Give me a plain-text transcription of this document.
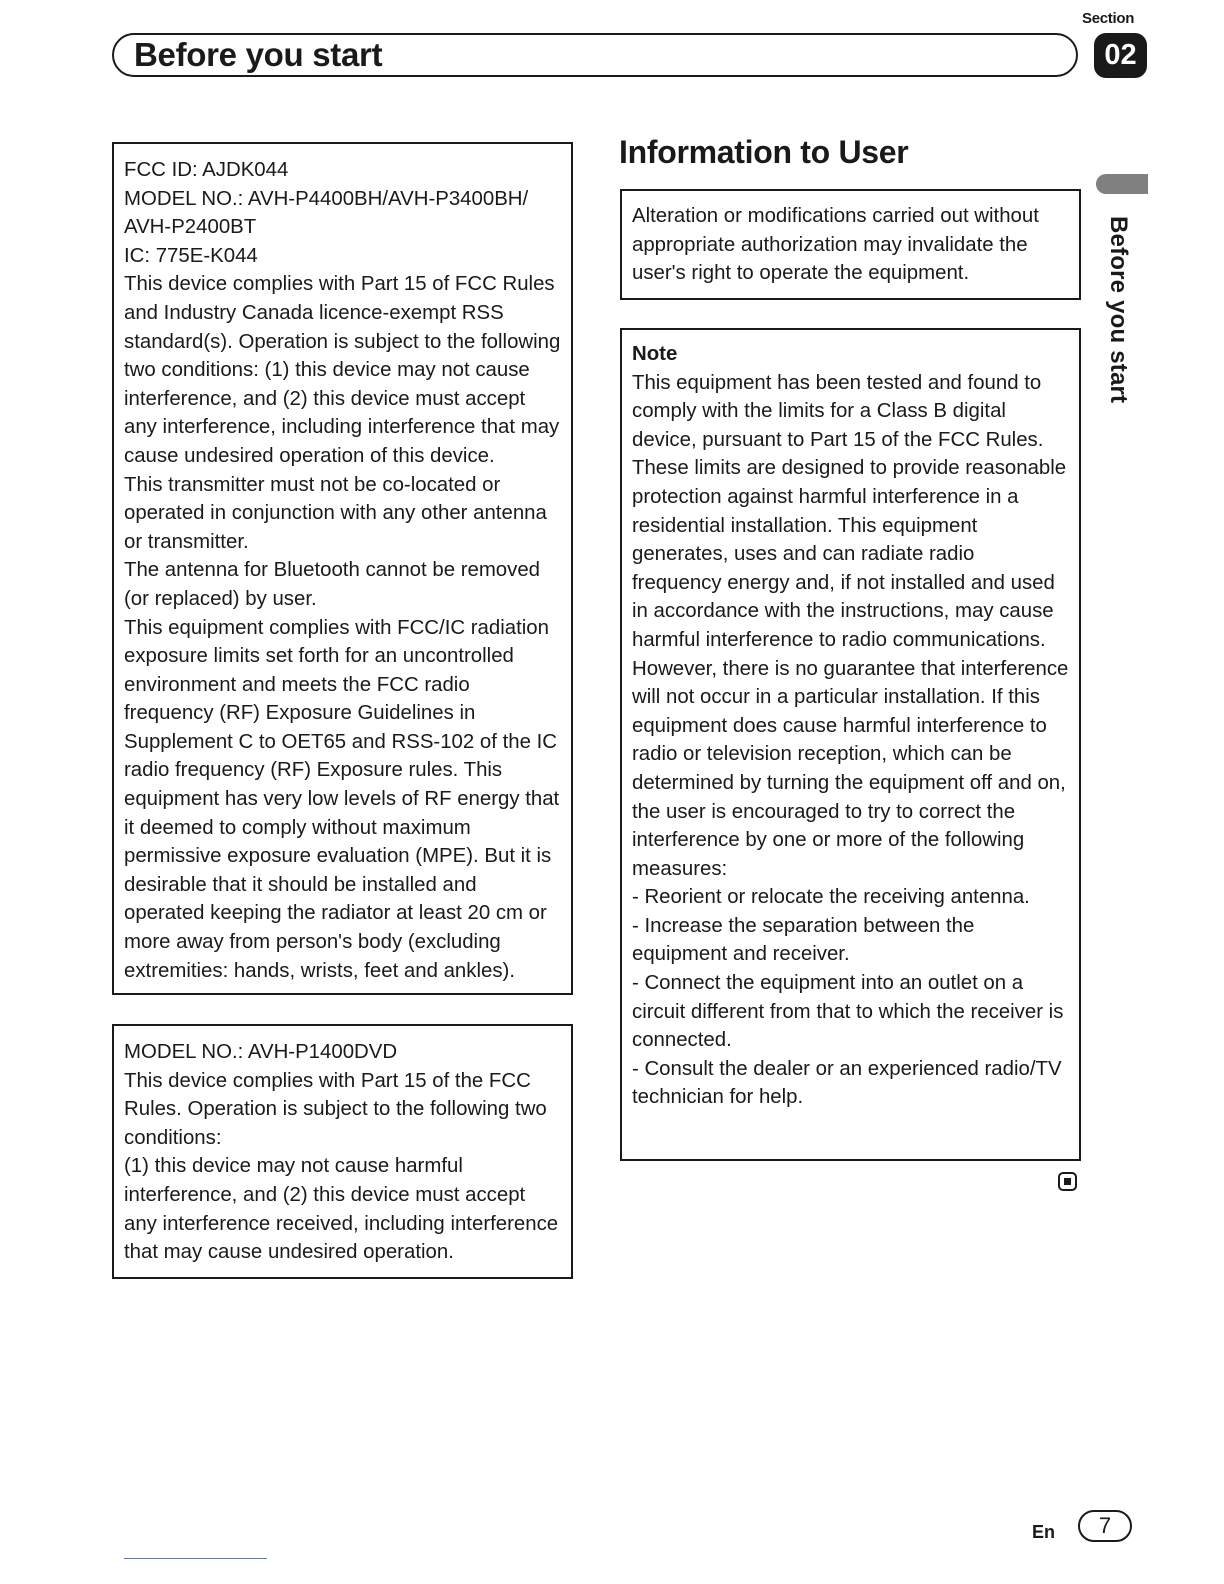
Section
Before you start	02
Before you start

FCC ID: AJDK044

MODEL NO.: AVH-P4400BH/AVH-P3400BH/ AVH-P2400BT

IC: 775E-K044

This device complies with Part 15 of FCC Rules and Industry Canada licence-exempt RSS standard(s). Operation is subject to the following two conditions: (1) this device may not cause interference, and (2) this device must accept any interference, including interference that may cause undesired operation of this device.

This transmitter must not be co-located or operated in conjunction with any other antenna or transmitter.

The antenna for Bluetooth cannot be removed (or replaced) by user.

This equipment complies with FCC/IC radiation exposure limits set forth for an uncontrolled environment and meets the FCC radio frequency (RF) Exposure Guidelines in Supplement C to OET65 and RSS-102 of the IC radio frequency (RF) Exposure rules. This equipment has very low levels of RF energy that it deemed to comply without maximum permissive exposure evaluation (MPE). But it is desirable that it should be installed and operated keeping the radiator at least 20 cm or more away from person's body (excluding extremities: hands, wrists, feet and ankles).

MODEL NO.: AVH-P1400DVD

This device complies with Part 15 of the FCC Rules. Operation is subject to the following two conditions:

(1) this device may not cause harmful interference, and (2) this device must accept any interference received, including interference that may cause undesired operation.

Information to User

Alteration or modifications carried out without appropriate authorization may invalidate the user's right to operate the equipment.

Note

This equipment has been tested and found to comply with the limits for a Class B digital device, pursuant to Part 15 of the FCC Rules. These limits are designed to provide reasonable protection against harmful interference in a residential installation. This equipment generates, uses and can radiate radio frequency energy and, if not installed and used in accordance with the instructions, may cause harmful interference to radio communications. However, there is no guarantee that interference will not occur in a particular installation. If this equipment does cause harmful interference to radio or television reception, which can be determined by turning the equipment off and on, the user is encouraged to try to correct the interference by one or more of the following measures:

- Reorient or relocate the receiving antenna.

- Increase the separation between the equipment and receiver.

- Connect the equipment into an outlet on a circuit different from that to which the receiver is connected.

- Consult the dealer or an experienced radio/TV technician for help.

En	7
